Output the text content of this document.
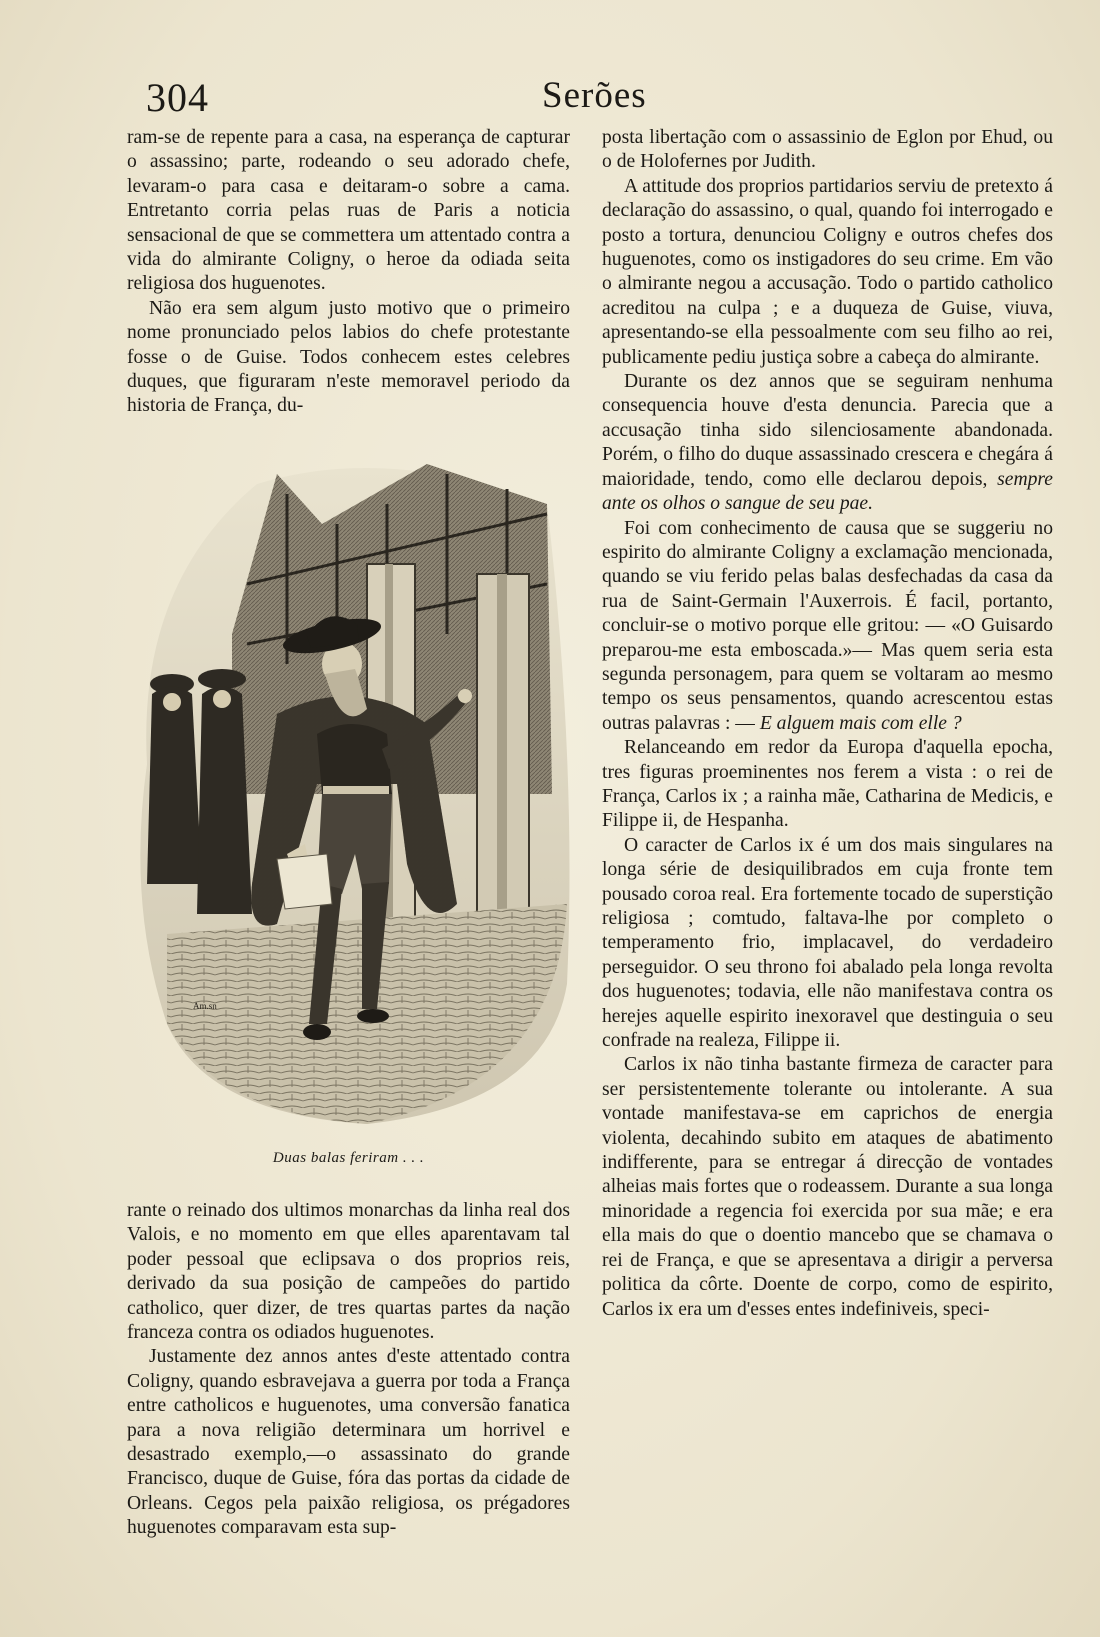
304	Serões

ram-se de repente para a casa, na esperança de capturar o assassino; parte, rodeando o seu adorado chefe, levaram-o para casa e deitaram-o sobre a cama. Entretanto corria pelas ruas de Paris a noticia sensacional de que se commettera um attentado contra a vida do almirante Coligny, o heroe da odiada seita religiosa dos huguenotes.

Não era sem algum justo motivo que o primeiro nome pronunciado pelos labios do chefe protestante fosse o de Guise. Todos conhecem estes celebres duques, que figuraram n'este memoravel periodo da historia de França, du-

Am.sn
Duas balas feriram . . .

rante o reinado dos ultimos monarchas da linha real dos Valois, e no momento em que elles aparentavam tal poder pessoal que eclipsava o dos proprios reis, derivado da sua posição de campeões do partido catholico, quer dizer, de tres quartas partes da nação franceza contra os odiados huguenotes.

Justamente dez annos antes d'este attentado contra Coligny, quando esbravejava a guerra por toda a França entre catholicos e huguenotes, uma conversão fanatica para a nova religião determinara um horrivel e desastrado exemplo,—o assassinato do grande Francisco, duque de Guise, fóra das portas da cidade de Orleans. Cegos pela paixão religiosa, os prégadores huguenotes comparavam esta sup-

posta libertação com o assassinio de Eglon por Ehud, ou o de Holofernes por Judith.

A attitude dos proprios partidarios serviu de pretexto á declaração do assassino, o qual, quando foi interrogado e posto a tortura, denunciou Coligny e outros chefes dos huguenotes, como os instigadores do seu crime. Em vão o almirante negou a accusação. Todo o partido catholico acreditou na culpa ; e a duqueza de Guise, viuva, apresentando-se ella pessoalmente com seu filho ao rei, publicamente pediu justiça sobre a cabeça do almirante.

Durante os dez annos que se seguiram nenhuma consequencia houve d'esta denuncia. Parecia que a accusação tinha sido silenciosamente abandonada. Porém, o filho do duque assassinado crescera e chegára á maioridade, tendo, como elle declarou depois, sempre ante os olhos o sangue de seu pae.

Foi com conhecimento de causa que se suggeriu no espirito do almirante Coligny a exclamação mencionada, quando se viu ferido pelas balas desfechadas da casa da rua de Saint-Germain l'Auxerrois. É facil, portanto, concluir-se o motivo porque elle gritou: — «O Guisardo preparou-me esta emboscada.»— Mas quem seria esta segunda personagem, para quem se voltaram ao mesmo tempo os seus pensamentos, quando acrescentou estas outras palavras : — E alguem mais com elle ?

Relanceando em redor da Europa d'aquella epocha, tres figuras proeminentes nos ferem a vista : o rei de França, Carlos ix ; a rainha mãe, Catharina de Medicis, e Filippe ii, de Hespanha.

O caracter de Carlos ix é um dos mais singulares na longa série de desiquilibrados em cuja fronte tem pousado coroa real. Era fortemente tocado de superstição religiosa ; comtudo, faltava-lhe por completo o temperamento frio, implacavel, do verdadeiro perseguidor. O seu throno foi abalado pela longa revolta dos huguenotes; todavia, elle não manifestava contra os herejes aquelle espirito inexoravel que destinguia o seu confrade na realeza, Filippe ii.

Carlos ix não tinha bastante firmeza de caracter para ser persistentemente tolerante ou intolerante. A sua vontade manifestava-se em caprichos de energia violenta, decahindo subito em ataques de abatimento indifferente, para se entregar á direcção de vontades alheias mais fortes que o rodeassem. Durante a sua longa minoridade a regencia foi exercida por sua mãe; e era ella mais do que o doentio mancebo que se chamava o rei de França, e que se apresentava a dirigir a perversa politica da côrte. Doente de corpo, como de espirito, Carlos ix era um d'esses entes indefiniveis, speci-
